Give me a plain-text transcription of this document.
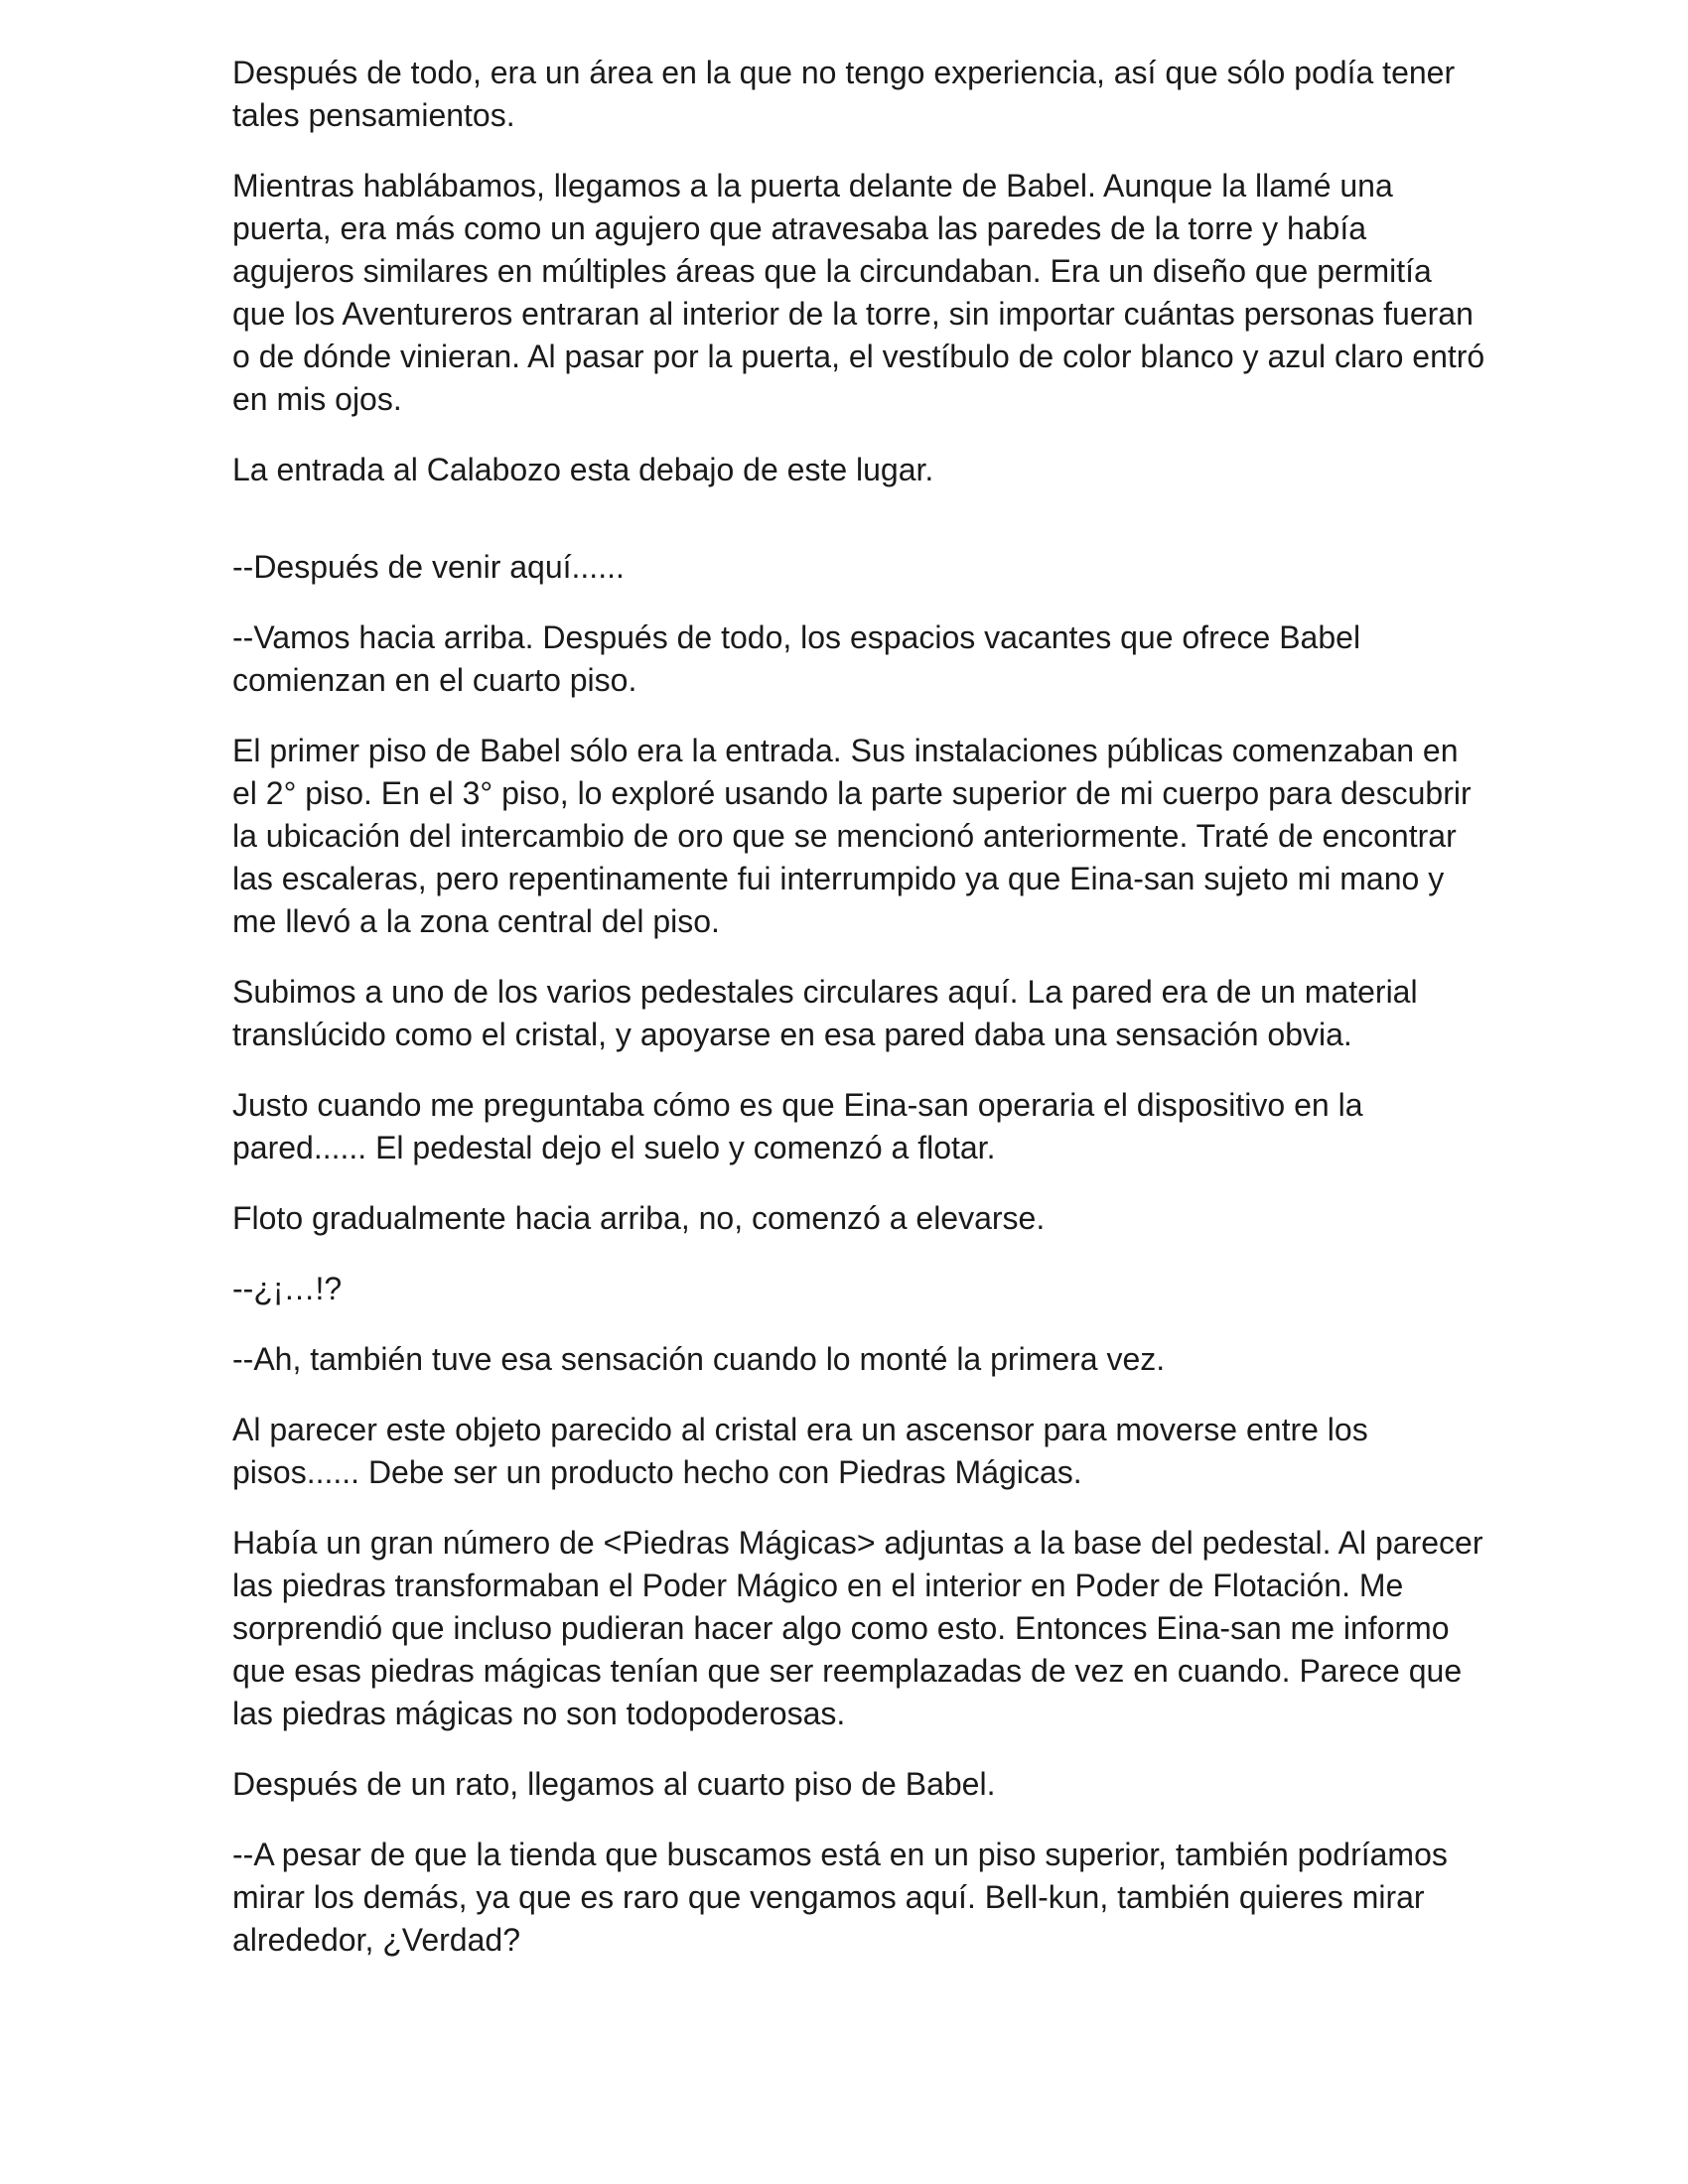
Después de todo, era un área en la que no tengo experiencia, así que sólo podía tener tales pensamientos.

Mientras hablábamos, llegamos a la puerta delante de Babel. Aunque la llamé una puerta, era más como un agujero que atravesaba las paredes de la torre y había agujeros similares en múltiples áreas que la circundaban. Era un diseño que permitía que los Aventureros entraran al interior de la torre, sin importar cuántas personas fueran o de dónde vinieran. Al pasar por la puerta, el vestíbulo de color blanco y azul claro entró en mis ojos.

La entrada al Calabozo esta debajo de este lugar.

--Después de venir aquí......

--Vamos hacia arriba. Después de todo, los espacios vacantes que ofrece Babel comienzan en el cuarto piso.

El primer piso de Babel sólo era la entrada. Sus instalaciones públicas comenzaban en el 2° piso. En el 3° piso, lo exploré usando la parte superior de mi cuerpo para descubrir la ubicación del intercambio de oro que se mencionó anteriormente. Traté de encontrar las escaleras, pero repentinamente fui interrumpido ya que Eina-san sujeto mi mano y me llevó a la zona central del piso.

Subimos a uno de los varios pedestales circulares aquí. La pared era de un material translúcido como el cristal, y apoyarse en esa pared daba una sensación obvia.

Justo cuando me preguntaba cómo es que Eina-san operaria el dispositivo en la pared...... El pedestal dejo el suelo y comenzó a flotar.

Floto gradualmente hacia arriba, no, comenzó a elevarse.

--¿¡…!?

--Ah, también tuve esa sensación cuando lo monté la primera vez.

Al parecer este objeto parecido al cristal era un ascensor para moverse entre los pisos...... Debe ser un producto hecho con Piedras Mágicas.

Había un gran número de <Piedras Mágicas> adjuntas a la base del pedestal. Al parecer las piedras transformaban el Poder Mágico en el interior en Poder de Flotación. Me sorprendió que incluso pudieran hacer algo como esto. Entonces Eina-san me informo que esas piedras mágicas tenían que ser reemplazadas de vez en cuando. Parece que las piedras mágicas no son todopoderosas.

Después de un rato, llegamos al cuarto piso de Babel.

--A pesar de que la tienda que buscamos está en un piso superior, también podríamos mirar los demás, ya que es raro que vengamos aquí. Bell-kun, también quieres mirar alrededor, ¿Verdad?
